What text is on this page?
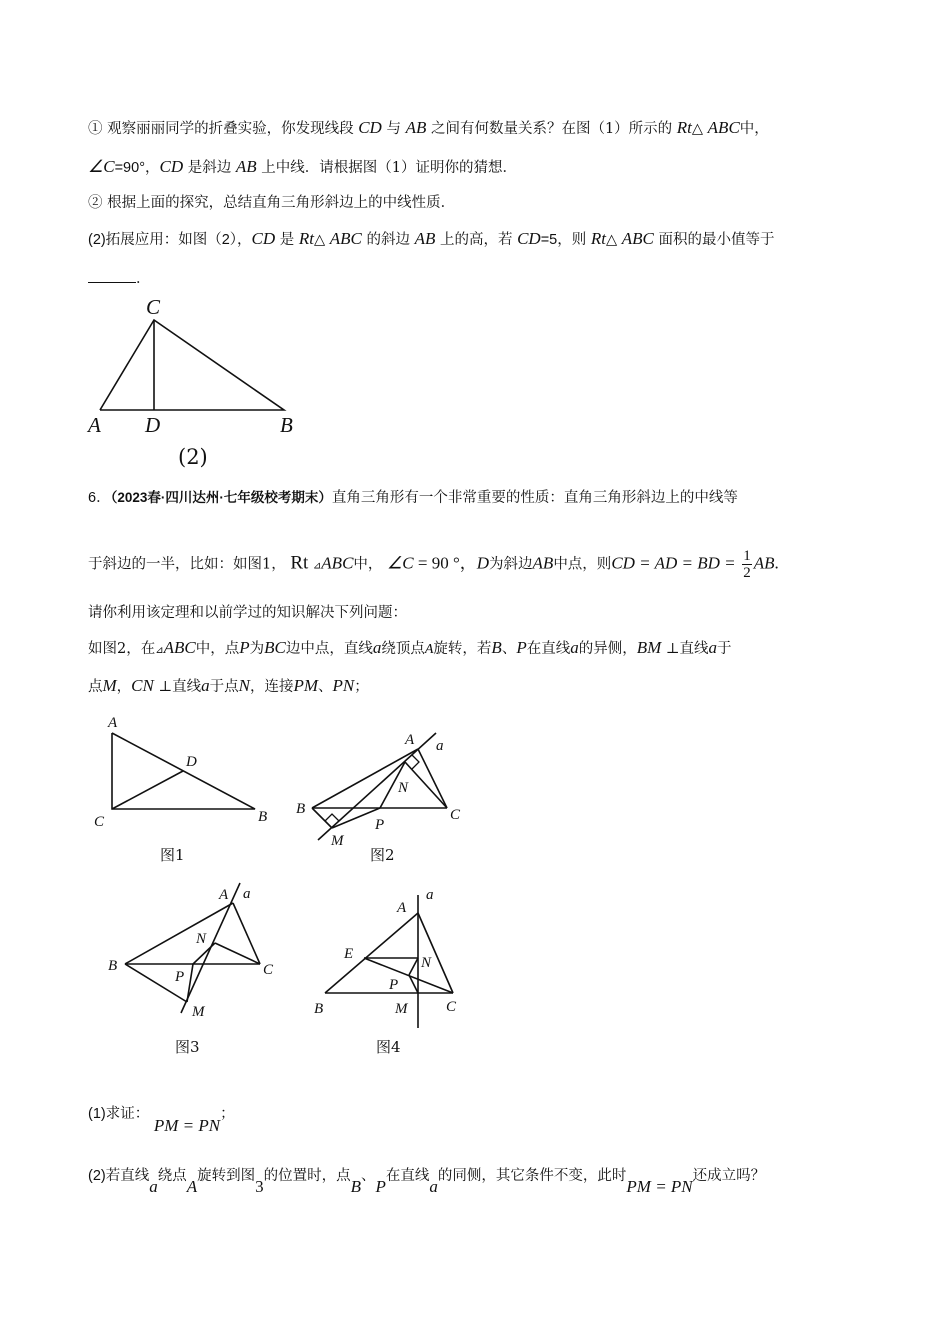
① 观察丽丽同学的折叠实验，你发现线段 CD 与 AB 之间有何数量关系？在图（1）所示的 Rt△ ABC中，
∠C=90°，CD 是斜边 AB 上中线．请根据图（1）证明你的猜想．
② 根据上面的探究，总结直角三角形斜边上的中线性质．
(2)拓展应用：如图（2），CD 是 Rt△ ABC 的斜边 AB 上的高，若 CD=5，则 Rt△ ABC 面积的最小值等于
．
C
A D	B
(2)
A
D
C	B
图1
A a
N
B
P
C
M
图2
A a
N
B
P	C
M
图3
A
a
E
N
P
B	M	C
图4
6．（2023春·四川达州·七年级校考期末）直角三角形有一个非常重要的性质：直角三角形斜边上的中线等
于斜边的一半，比如：如图1， Rt ⊿ABC中， ∠C = 90 °，D为斜边AB中点，则CD = AD = BD = $\frac{1}{2}$ AB.
请你利用该定理和以前学过的知识解决下列问题：
如图2，在⊿ABC中，点P为BC边中点，直线a绕顶点A旋转，若B、P在直线a的异侧，BM ⊥直线a于
点M，CN ⊥直线a于点N，连接PM、PN；
(1)求证： PM = PN；
(2)若直线a绕点A旋转到图3的位置时，点B、P在直线a的同侧，其它条件不变，此时PM = PN还成立吗？
